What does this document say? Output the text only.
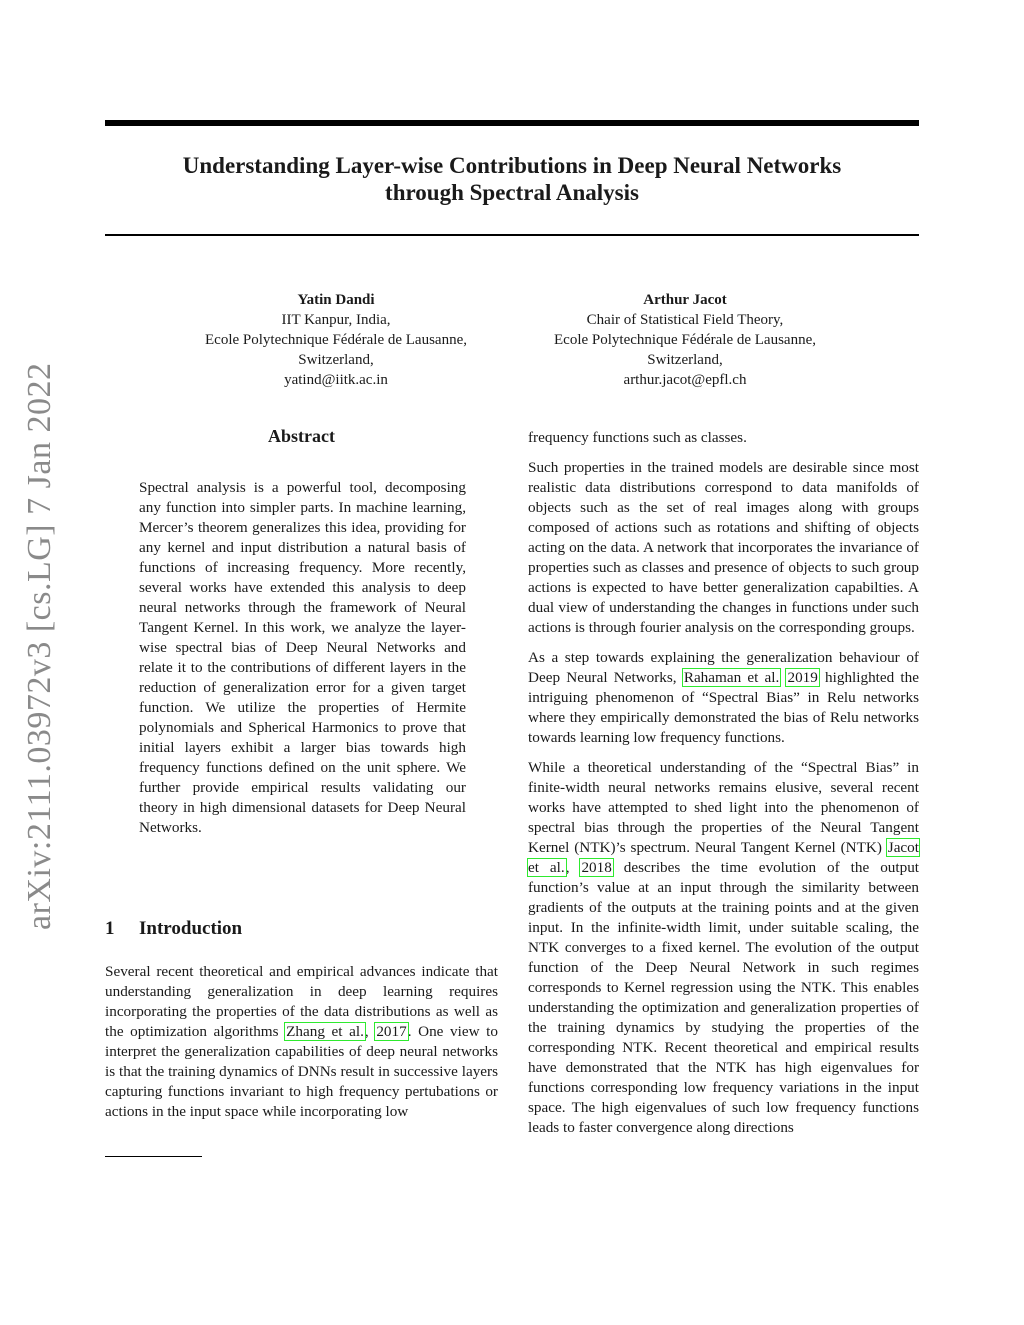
Understanding Layer-wise Contributions in Deep Neural Networks
through Spectral Analysis
Yatin Dandi
IIT Kanpur, India,
Ecole Polytechnique Fédérale de Lausanne,
Switzerland,
yatind@iitk.ac.in
Arthur Jacot
Chair of Statistical Field Theory,
Ecole Polytechnique Fédérale de Lausanne,
Switzerland,
arthur.jacot@epfl.ch
arXiv:2111.03972v3 [cs.LG] 7 Jan 2022	Abstract
Spectral analysis is a powerful tool, decomposing any function into simpler parts. In machine learning, Mercer’s theorem generalizes this idea, providing for any kernel and input distribution a natural basis of functions of increasing frequency. More recently, several works have extended this analysis to deep neural networks through the framework of Neural Tangent Kernel. In this work, we analyze the layer-wise spectral bias of Deep Neural Networks and relate it to the contributions of different layers in the reduction of generalization error for a given target function. We utilize the properties of Hermite polynomials and Spherical Harmonics to prove that initial layers exhibit a larger bias towards high frequency functions defined on the unit sphere. We further provide empirical results validating our theory in high dimensional datasets for Deep Neural Networks.
1 Introduction
Several recent theoretical and empirical advances indicate that understanding generalization in deep learning requires incorporating the properties of the data distributions as well as the optimization algorithms Zhang et al., 2017. One view to interpret the generalization capabilities of deep neural networks is that the training dynamics of DNNs result in successive layers capturing functions invariant to high frequency pertubations or actions in the input space while incorporating low

frequency functions such as classes.

Such properties in the trained models are desirable since most realistic data distributions correspond to data manifolds of objects such as the set of real images along with groups composed of actions such as rotations and shifting of objects acting on the data. A network that incorporates the invariance of properties such as classes and presence of objects to such group actions is expected to have better generalization capabilties. A dual view of understanding the changes in functions under such actions is through fourier analysis on the corresponding groups.

As a step towards explaining the generalization behaviour of Deep Neural Networks, Rahaman et al. 2019 highlighted the intriguing phenomenon of “Spectral Bias” in Relu networks where they empirically demonstrated the bias of Relu networks towards learning low frequency functions.

While a theoretical understanding of the “Spectral Bias” in finite-width neural networks remains elusive, several recent works have attempted to shed light into the phenomenon of spectral bias through the properties of the Neural Tangent Kernel (NTK)’s spectrum. Neural Tangent Kernel (NTK) Jacot et al., 2018 describes the time evolution of the output function’s value at an input through the similarity between gradients of the outputs at the training points and at the given input. In the infinite-width limit, under suitable scaling, the NTK converges to a fixed kernel. The evolution of the output function of the Deep Neural Network in such regimes corresponds to Kernel regression using the NTK. This enables understanding the optimization and generalization properties of the training dynamics by studying the properties of the corresponding NTK. Recent theoretical and empirical results have demonstrated that the NTK has high eigenvalues for functions corresponding low frequency variations in the input space. The high eigenvalues of such low frequency functions leads to faster convergence along directions
